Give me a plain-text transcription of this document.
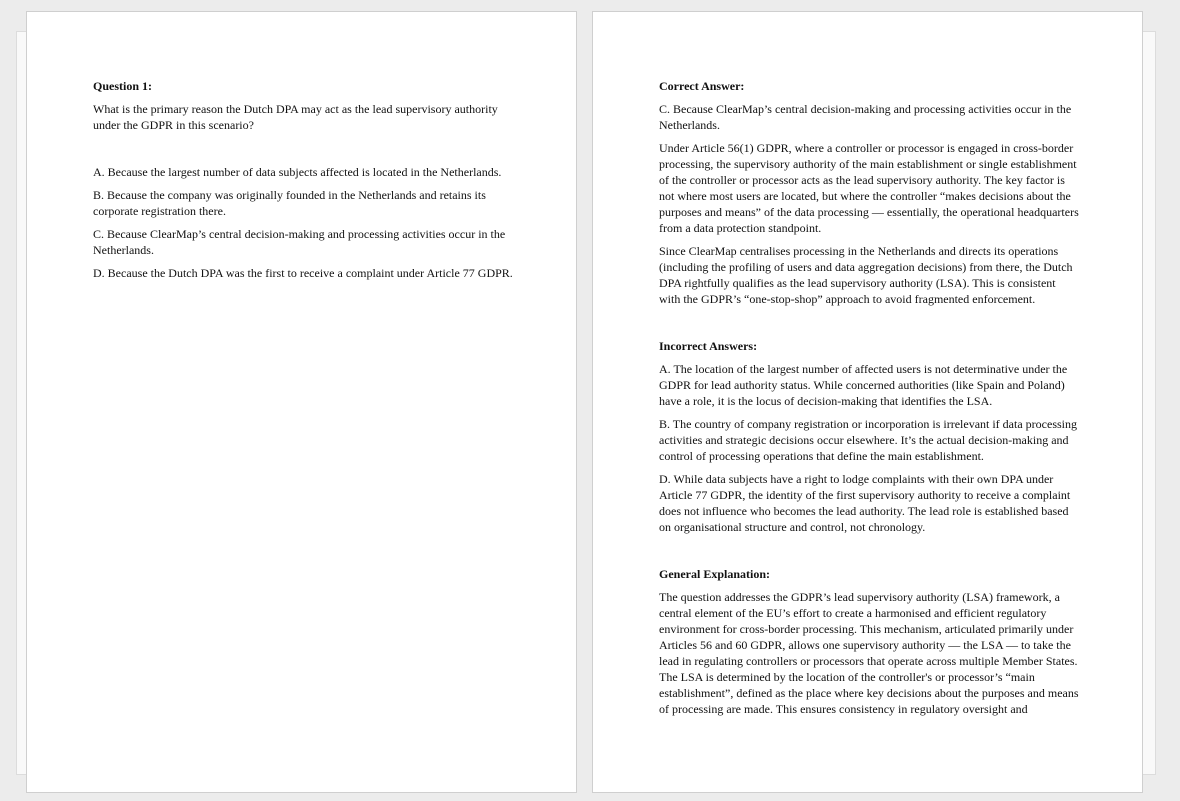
Question 1:
What is the primary reason the Dutch DPA may act as the lead supervisory authority under the GDPR in this scenario?
A. Because the largest number of data subjects affected is located in the Netherlands.
B. Because the company was originally founded in the Netherlands and retains its corporate registration there.
C. Because ClearMap’s central decision-making and processing activities occur in the Netherlands.
D. Because the Dutch DPA was the first to receive a complaint under Article 77 GDPR.
Correct Answer:
C. Because ClearMap’s central decision-making and processing activities occur in the Netherlands.
Under Article 56(1) GDPR, where a controller or processor is engaged in cross-border processing, the supervisory authority of the main establishment or single establishment of the controller or processor acts as the lead supervisory authority. The key factor is not where most users are located, but where the controller “makes decisions about the purposes and means” of the data processing — essentially, the operational headquarters from a data protection standpoint.
Since ClearMap centralises processing in the Netherlands and directs its operations (including the profiling of users and data aggregation decisions) from there, the Dutch DPA rightfully qualifies as the lead supervisory authority (LSA). This is consistent with the GDPR’s “one-stop-shop” approach to avoid fragmented enforcement.
Incorrect Answers:
A. The location of the largest number of affected users is not determinative under the GDPR for lead authority status. While concerned authorities (like Spain and Poland) have a role, it is the locus of decision-making that identifies the LSA.
B. The country of company registration or incorporation is irrelevant if data processing activities and strategic decisions occur elsewhere. It’s the actual decision-making and control of processing operations that define the main establishment.
D. While data subjects have a right to lodge complaints with their own DPA under Article 77 GDPR, the identity of the first supervisory authority to receive a complaint does not influence who becomes the lead authority. The lead role is established based on organisational structure and control, not chronology.
General Explanation:
The question addresses the GDPR’s lead supervisory authority (LSA) framework, a central element of the EU’s effort to create a harmonised and efficient regulatory environment for cross-border processing. This mechanism, articulated primarily under Articles 56 and 60 GDPR, allows one supervisory authority — the LSA — to take the lead in regulating controllers or processors that operate across multiple Member States. The LSA is determined by the location of the controller's or processor’s “main establishment”, defined as the place where key decisions about the purposes and means of processing are made. This ensures consistency in regulatory oversight and
